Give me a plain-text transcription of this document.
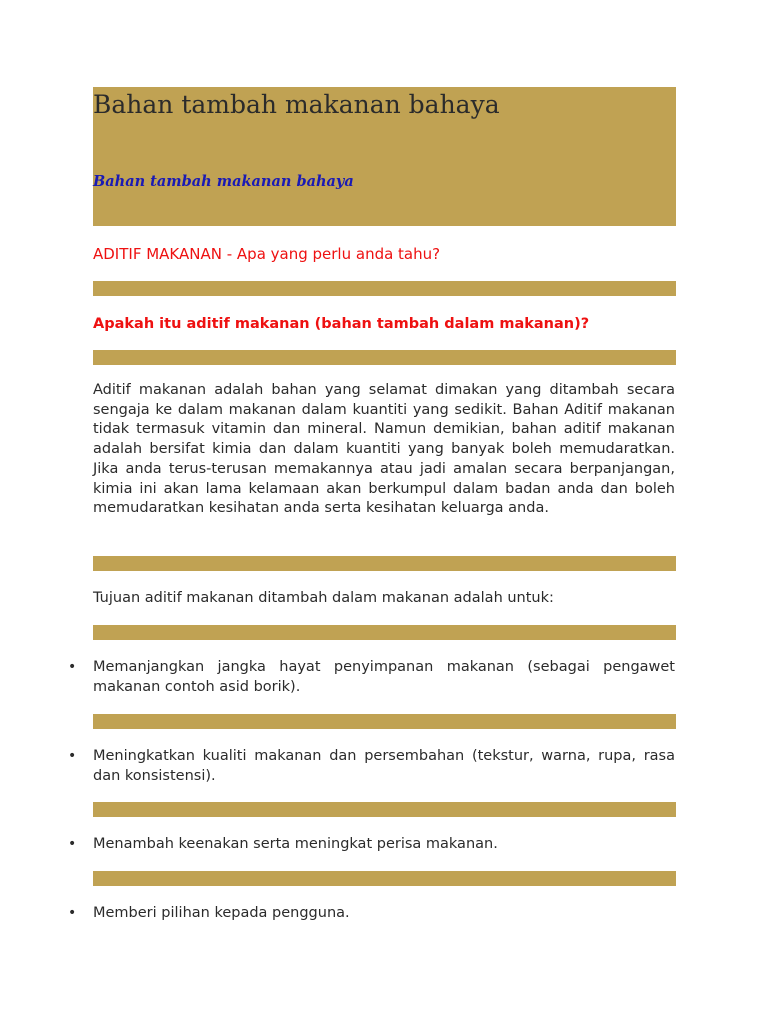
Bahan tambah makanan bahaya
Bahan tambah makanan bahaya
ADITIF MAKANAN - Apa yang perlu anda tahu?
Apakah itu aditif makanan (bahan tambah dalam makanan)?

Aditif makanan adalah bahan yang selamat dimakan yang ditambah secara sengaja ke dalam makanan dalam kuantiti yang sedikit. Bahan Aditif makanan tidak termasuk vitamin dan mineral. Namun demikian, bahan aditif makanan adalah bersifat kimia dan dalam kuantiti yang banyak boleh memudaratkan. Jika anda terus-terusan memakannya atau jadi amalan secara berpanjangan, kimia ini akan lama kelamaan akan berkumpul dalam badan anda dan boleh memudaratkan kesihatan anda serta kesihatan keluarga anda.

Tujuan aditif makanan ditambah dalam makanan adalah untuk:

• Memanjangkan jangka hayat penyimpanan makanan (sebagai pengawet makanan contoh asid borik).

• Meningkatkan kualiti makanan dan persembahan (tekstur, warna, rupa, rasa dan konsistensi).

• Menambah keenakan serta meningkat perisa makanan.

• Memberi pilihan kepada pengguna.
